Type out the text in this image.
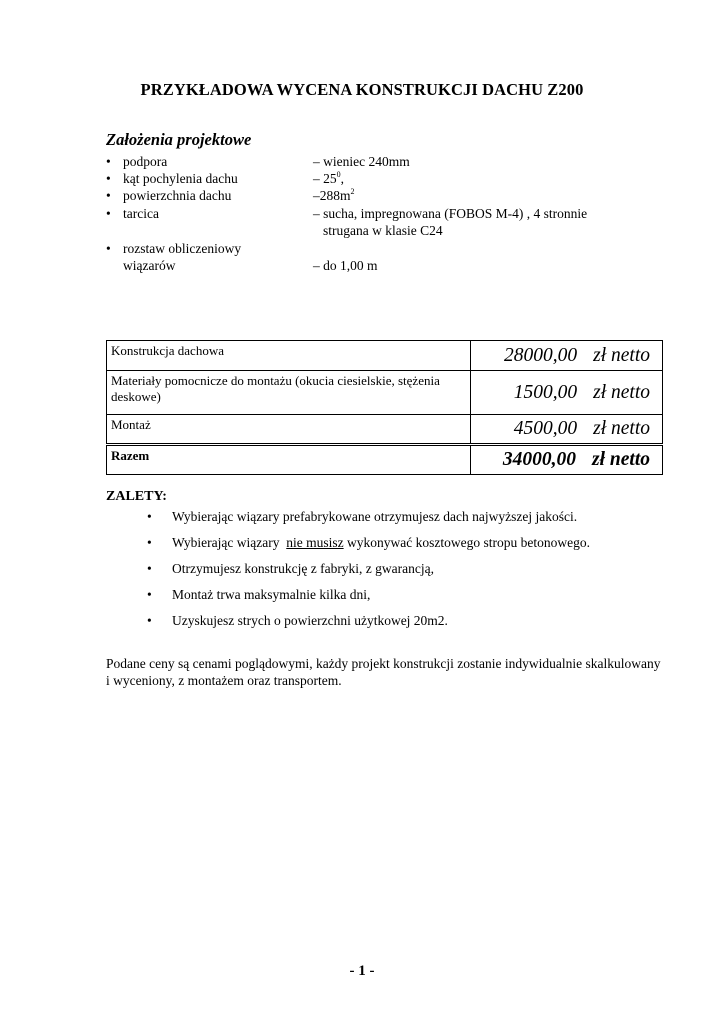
PRZYKŁADOWA WYCENA KONSTRUKCJI DACHU Z200
Założenia projektowe
• podpora	– wieniec 240mm
• kąt pochylenia dachu	– $25^0$,
• powierzchnia dachu	$-288m^2$
• tarcica	– sucha, impregnowana (FOBOS M-4) , 4 stronnie
strugana w klasie C24
• rozstaw obliczeniowy
wiązarów	– do 1,00 m
Konstrukcja dachowa	28000,00 zł netto
Materiały pomocnicze do montażu (okucia ciesielskie, stężenia deskowe)	1500,00 zł netto
Montaż	4500,00 zł netto
Razem	34000,00 zł netto
ZALETY:
• Wybierając wiązary prefabrykowane otrzymujesz dach najwyższej jakości.
• Wybierając wiązary  nie musisz wykonywać kosztowego stropu betonowego.
• Otrzymujesz konstrukcję z fabryki, z gwarancją,
• Montaż trwa maksymalnie kilka dni,
• Uzyskujesz strych o powierzchni użytkowej 20m2.
Podane ceny są cenami poglądowymi, każdy projekt konstrukcji zostanie indywidualnie skalkulowany i wyceniony, z montażem oraz transportem.
- 1 -
